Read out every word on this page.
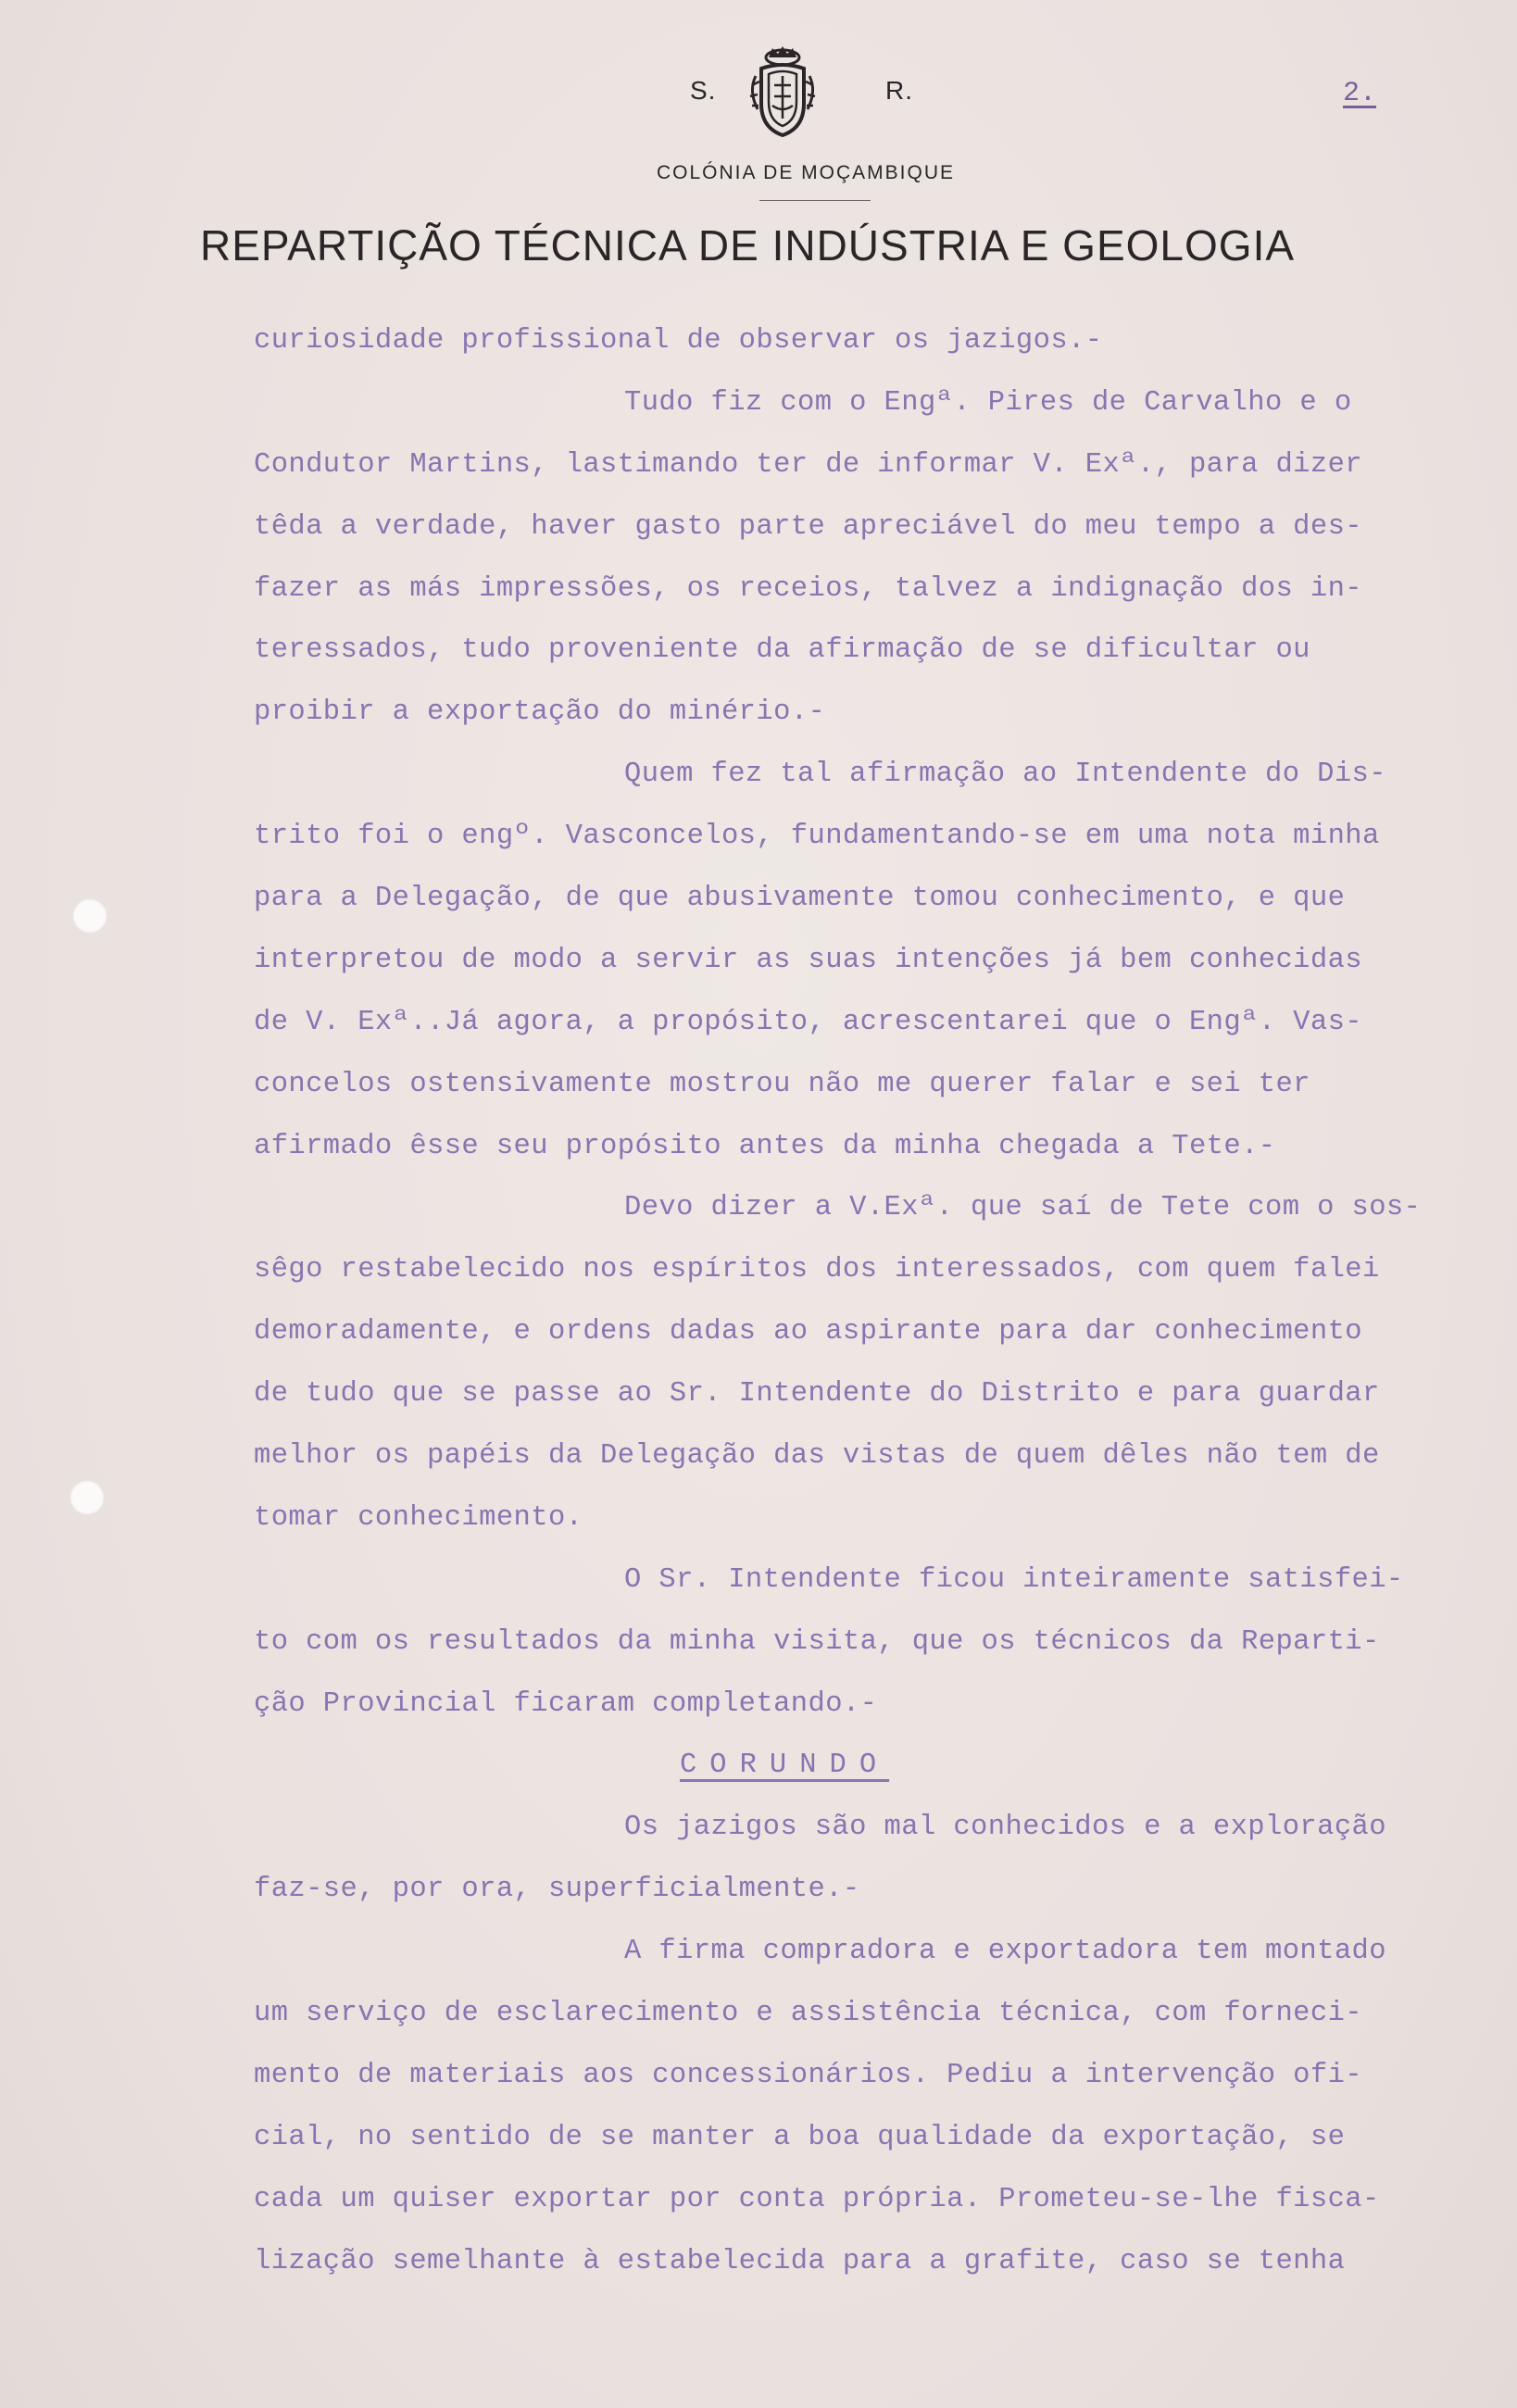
S.	R.	2.
COLÓNIA DE MOÇAMBIQUE
REPARTIÇÃO TÉCNICA DE INDÚSTRIA E GEOLOGIA
curiosidade profissional de observar os jazigos.-
Tudo fiz com o Engª. Pires de Carvalho e o
Condutor Martins, lastimando ter de informar V. Exª., para dizer
têda a verdade, haver gasto parte apreciável do meu tempo a des-
fazer as más impressões, os receios, talvez a indignação dos in-
teressados, tudo proveniente da afirmação de se dificultar ou
proibir a exportação do minério.-
Quem fez tal afirmação ao Intendente do Dis-
trito foi o engº. Vasconcelos, fundamentando-se em uma nota minha
para a Delegação, de que abusivamente tomou conhecimento, e que
interpretou de modo a servir as suas intenções já bem conhecidas
de V. Exª..Já agora, a propósito, acrescentarei que o Engª. Vas-
concelos ostensivamente mostrou não me querer falar e sei ter
afirmado êsse seu propósito antes da minha chegada a Tete.-
Devo dizer a V.Exª. que saí de Tete com o sos-
sêgo restabelecido nos espíritos dos interessados, com quem falei
demoradamente, e ordens dadas ao aspirante para dar conhecimento
de tudo que se passe ao Sr. Intendente do Distrito e para guardar
melhor os papéis da Delegação das vistas de quem dêles não tem de
tomar conhecimento.
O Sr. Intendente ficou inteiramente satisfei-
to com os resultados da minha visita, que os técnicos da Reparti-
ção Provincial ficaram completando.-
CORUNDO
Os jazigos são mal conhecidos e a exploração
faz-se, por ora, superficialmente.-
A firma compradora e exportadora tem montado
um serviço de esclarecimento e assistência técnica, com forneci-
mento de materiais aos concessionários. Pediu a intervenção ofi-
cial, no sentido de se manter a boa qualidade da exportação, se
cada um quiser exportar por conta própria. Prometeu-se-lhe fisca-
lização semelhante à estabelecida para a grafite, caso se tenha
